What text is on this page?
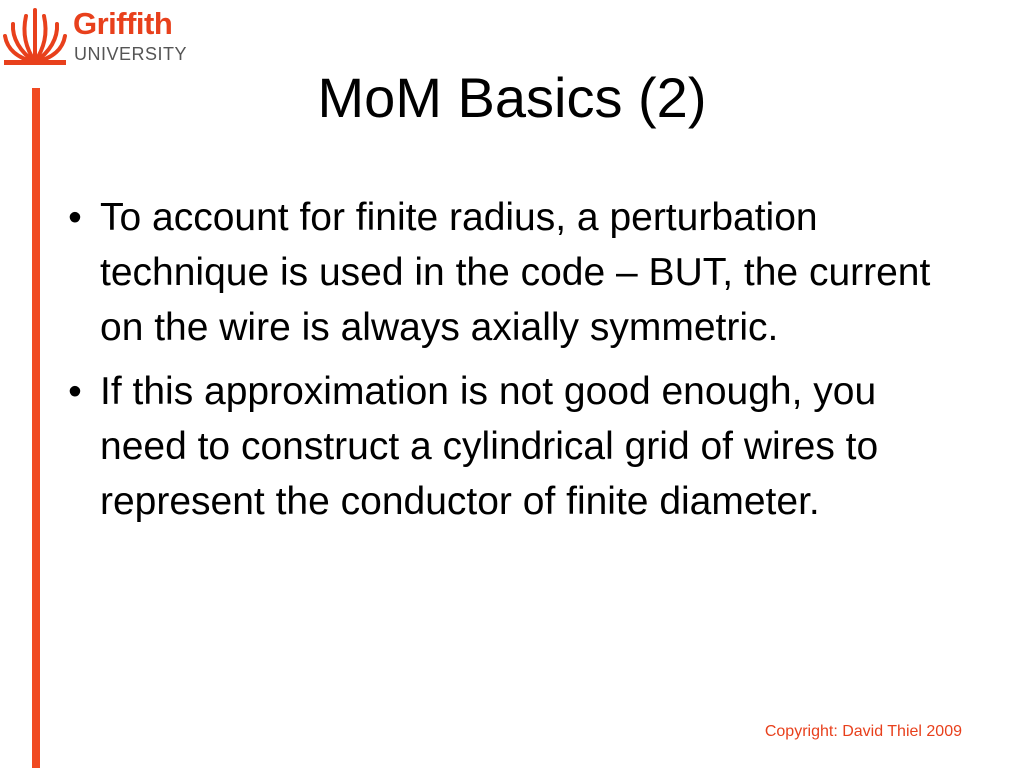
Griffith
UNIVERSITY
MoM Basics (2)
• To account for finite radius, a perturbation technique is used in the code – BUT, the current on the wire is always axially symmetric.
• If this approximation is not good enough, you need to construct a cylindrical grid of wires to represent the conductor of finite diameter.
Copyright: David Thiel 2009
